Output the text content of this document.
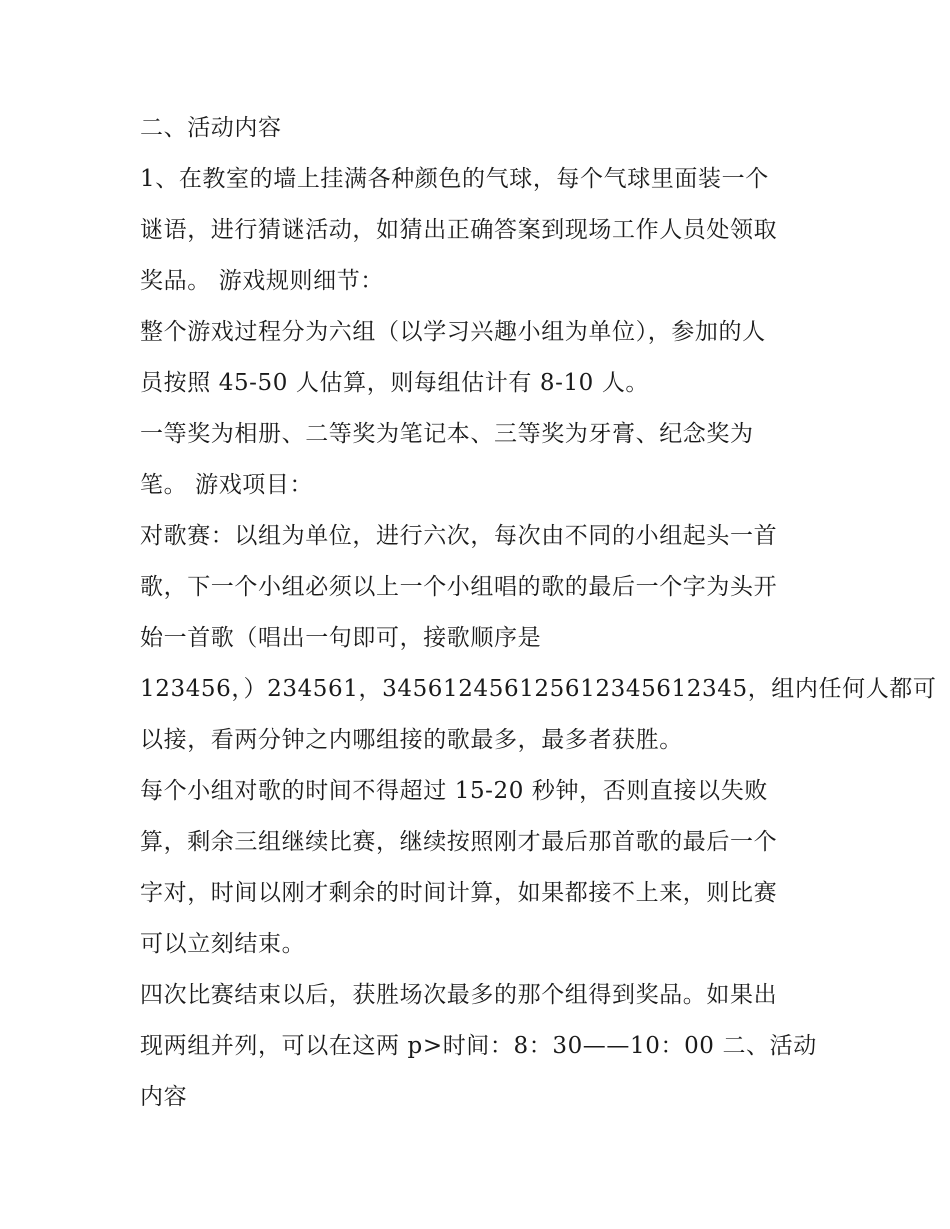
二、活动内容
1、在教室的墙上挂满各种颜色的气球，每个气球里面装一个
谜语，进行猜谜活动，如猜出正确答案到现场工作人员处领取
奖品。 游戏规则细节：
整个游戏过程分为六组（以学习兴趣小组为单位），参加的人
员按照 45-50 人估算，则每组估计有 8-10 人。
一等奖为相册、二等奖为笔记本、三等奖为牙膏、纪念奖为
笔。 游戏项目：
对歌赛：以组为单位，进行六次，每次由不同的小组起头一首
歌，下一个小组必须以上一个小组唱的歌的最后一个字为头开
始一首歌（唱出一句即可，接歌顺序是
123456，）234561，345612456125612345612345，组内任何人都可
以接，看两分钟之内哪组接的歌最多，最多者获胜。
每个小组对歌的时间不得超过 15-20 秒钟，否则直接以失败
算，剩余三组继续比赛，继续按照刚才最后那首歌的最后一个
字对，时间以刚才剩余的时间计算，如果都接不上来，则比赛
可以立刻结束。
四次比赛结束以后，获胜场次最多的那个组得到奖品。如果出
现两组并列，可以在这两 p>时间：8：30——10：00 二、活动
内容
